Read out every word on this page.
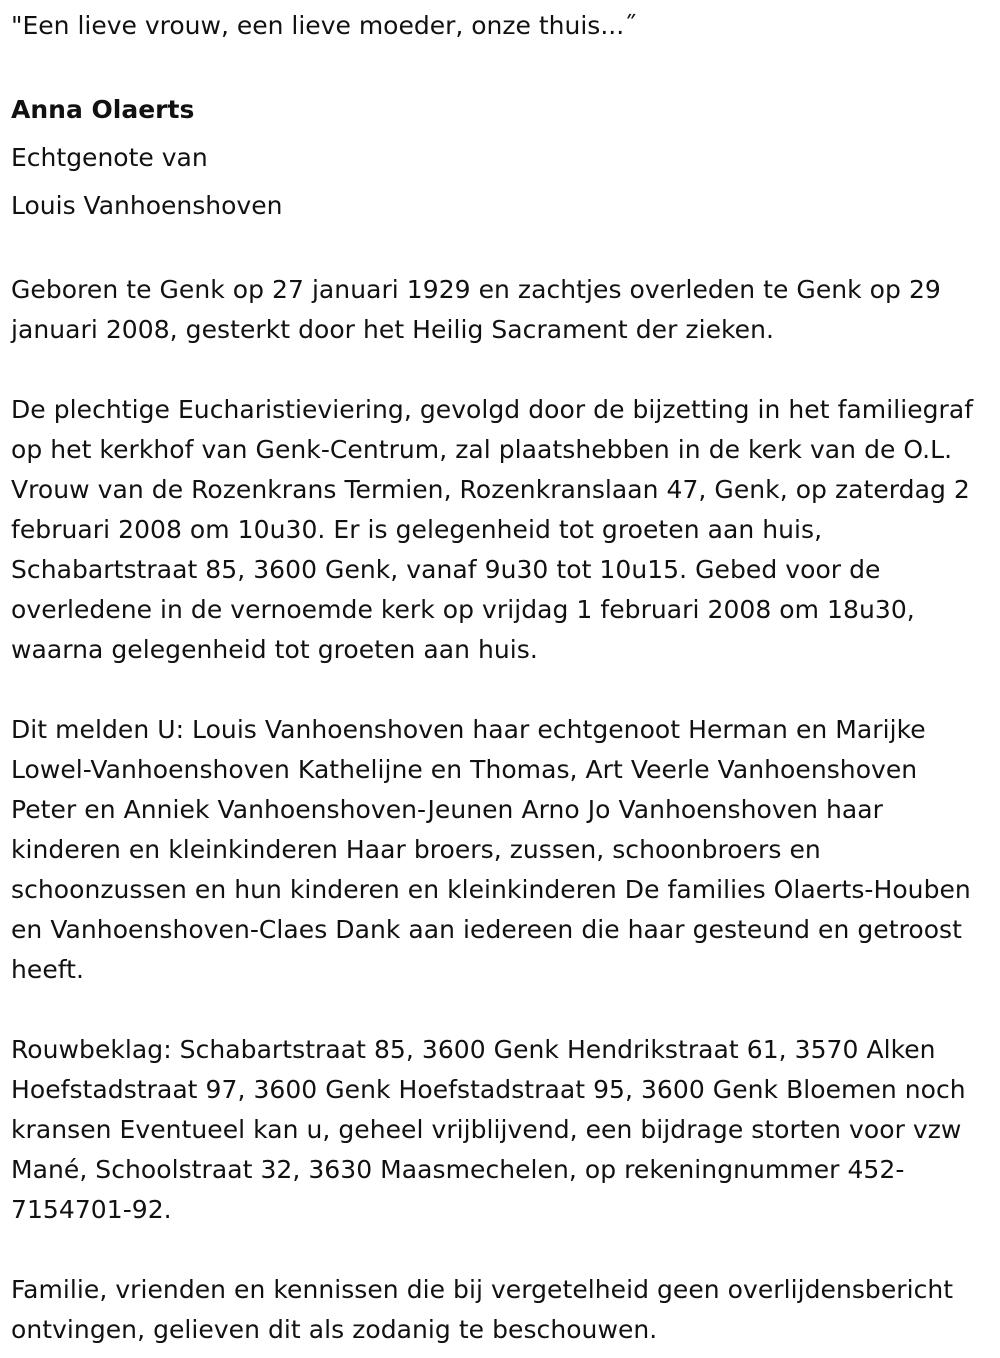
"Een lieve vrouw, een lieve moeder, onze thuis...˝

Anna Olaerts

Echtgenote van

Louis Vanhoenshoven

Geboren te Genk op 27 januari 1929 en zachtjes overleden te Genk op 29 januari 2008, gesterkt door het Heilig Sacrament der zieken.

De plechtige Eucharistieviering, gevolgd door de bijzetting in het familiegraf op het kerkhof van Genk-Centrum, zal plaatshebben in de kerk van de O.L. Vrouw van de Rozenkrans Termien, Rozenkranslaan 47, Genk, op zaterdag 2 februari 2008 om 10u30. Er is gelegenheid tot groeten aan huis, Schabartstraat 85, 3600 Genk, vanaf 9u30 tot 10u15. Gebed voor de overledene in de vernoemde kerk op vrijdag 1 februari 2008 om 18u30, waarna gelegenheid tot groeten aan huis.

Dit melden U: Louis Vanhoenshoven haar echtgenoot Herman en Marijke Lowel-Vanhoenshoven Kathelijne en Thomas, Art Veerle Vanhoenshoven Peter en Anniek Vanhoenshoven-Jeunen Arno Jo Vanhoenshoven haar kinderen en kleinkinderen Haar broers, zussen, schoonbroers en schoonzussen en hun kinderen en kleinkinderen De families Olaerts-Houben en Vanhoenshoven-Claes Dank aan iedereen die haar gesteund en getroost heeft.

Rouwbeklag: Schabartstraat 85, 3600 Genk Hendrikstraat 61, 3570 Alken Hoefstadstraat 97, 3600 Genk Hoefstadstraat 95, 3600 Genk Bloemen noch kransen Eventueel kan u, geheel vrijblijvend, een bijdrage storten voor vzw Mané, Schoolstraat 32, 3630 Maasmechelen, op rekeningnummer 452-7154701-92.

Familie, vrienden en kennissen die bij vergetelheid geen overlijdensbericht ontvingen, gelieven dit als zodanig te beschouwen.
